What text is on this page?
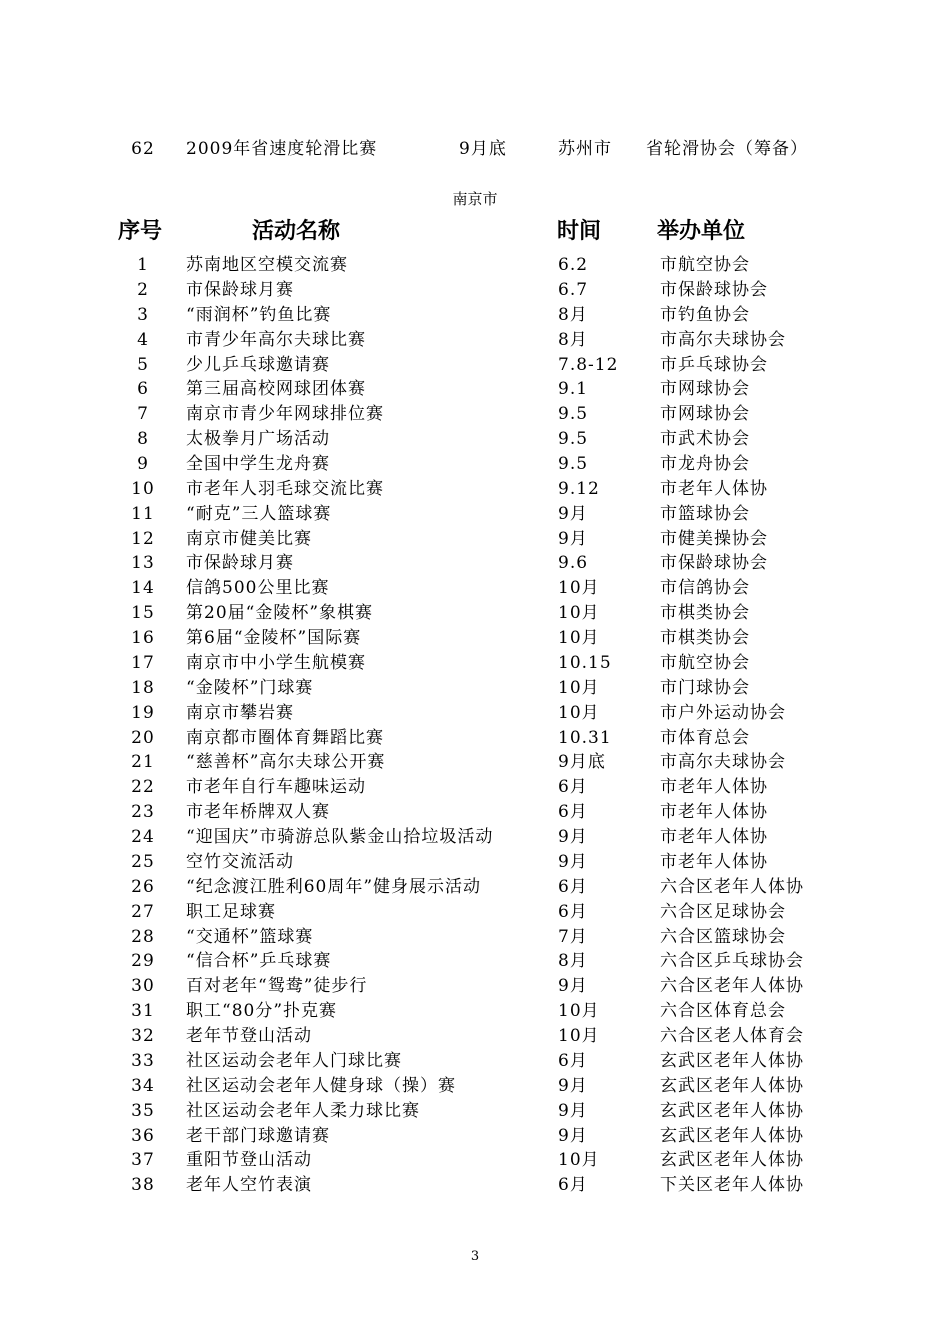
62	2009年省速度轮滑比赛	9月底	苏州市 省轮滑协会（筹备）
南京市
序号	活动名称	时间	举办单位
1	苏南地区空模交流赛	6.2	市航空协会
2	市保龄球月赛	6.7	市保龄球协会
3	“雨润杯”钓鱼比赛	8月	市钓鱼协会
4	市青少年高尔夫球比赛	8月	市高尔夫球协会
5	少儿乒乓球邀请赛	7.8-12 市乒乓球协会
6	第三届高校网球团体赛	9.1	市网球协会
7	南京市青少年网球排位赛	9.5	市网球协会
8	太极拳月广场活动	9.5	市武术协会
9	全国中学生龙舟赛	9.5	市龙舟协会
10	市老年人羽毛球交流比赛	9.12	市老年人体协
11	“耐克”三人篮球赛	9月	市篮球协会
12	南京市健美比赛	9月	市健美操协会
13	市保龄球月赛	9.6	市保龄球协会
14	信鸽500公里比赛	10月	市信鸽协会
15	第20届“金陵杯”象棋赛	10月	市棋类协会
16	第6届“金陵杯”国际赛	10月	市棋类协会
17	南京市中小学生航模赛	10.15	市航空协会
18	“金陵杯”门球赛	10月	市门球协会
19	南京市攀岩赛	10月	市户外运动协会
20	南京都市圈体育舞蹈比赛	10.31	市体育总会
21	“慈善杯”高尔夫球公开赛	9月底	市高尔夫球协会
22	市老年自行车趣味运动	6月	市老年人体协
23	市老年桥牌双人赛	6月	市老年人体协
24	“迎国庆”市骑游总队紫金山拾垃圾活动	9月	市老年人体协
25	空竹交流活动	9月	市老年人体协
26	“纪念渡江胜利60周年”健身展示活动	6月	六合区老年人体协
27	职工足球赛	6月	六合区足球协会
28	“交通杯”篮球赛	7月	六合区篮球协会
29	“信合杯”乒乓球赛	8月	六合区乒乓球协会
30	百对老年“鸳鸯”徒步行	9月	六合区老年人体协
31	职工“80分”扑克赛	10月	六合区体育总会
32	老年节登山活动	10月	六合区老人体育会
33	社区运动会老年人门球比赛	6月	玄武区老年人体协
34	社区运动会老年人健身球（操）赛	9月	玄武区老年人体协
35	社区运动会老年人柔力球比赛	9月	玄武区老年人体协
36	老干部门球邀请赛	9月	玄武区老年人体协
37	重阳节登山活动	10月	玄武区老年人体协
38	老年人空竹表演	6月	下关区老年人体协
3
